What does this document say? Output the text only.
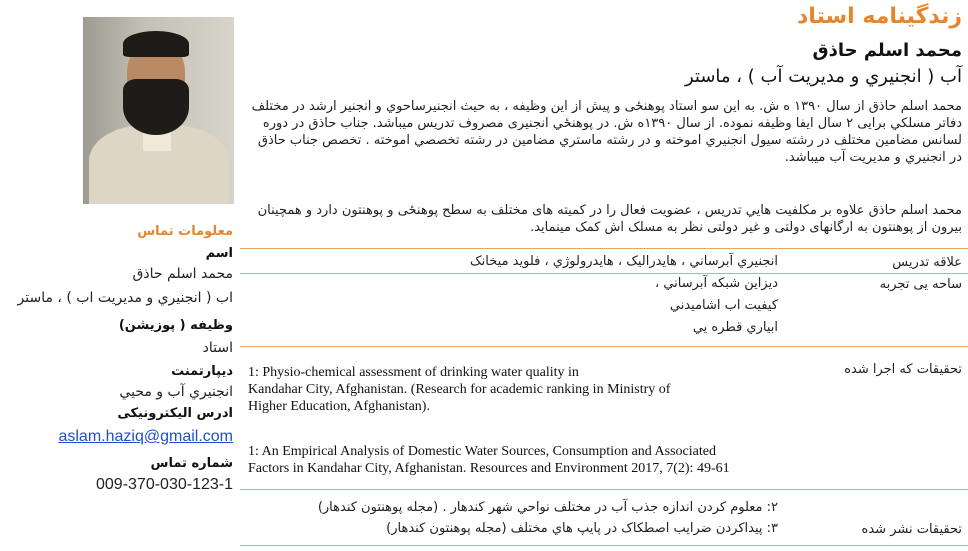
معلومات تماس
اسم
محمد اسلم حاذق
اب ( انجنيري و مديريت اب ) ، ماستر
وظیفه ( پوزیشن)
استاد
دیپارتمنت
انجنيري آب و محيي
ادرس الیکترونیکی
aslam.haziq@gmail.com
شماره تماس
009-370-030-123-1
زندگینامه استاد
محمد اسلم حاذق
آب ( انجنيري و مديريت آب ) ، ماستر
محمد اسلم حاذق از سال ۱۳۹۰ ه ش. به این سو استاد پوهنځی و پیش از این وظیفه ، به حیث انجنیرساحوي و انجنیر ارشد در مختلف دفاتر مسلکي برایی ۲ سال ایفا وظیفه نموده. از سال ۱۳۹۰ه ش. در پوهنځي انجنیری مصروف تدریس میباشد. جناب حاذق در دوره لسانس مضامین مختلف در رشته سیول انجنیري اموخته و در رشته ماستري مضامین در رشته تخصصي اموخته . تخصص جناب حاذق در انجنیري و مدیریت آب میباشد.
محمد اسلم حاذق علاوه بر مکلفیت هایي تدریس ، عضویت فعال را در کمیته های مختلف به سطح پوهنځی و پوهنتون دارد و همچینان بیرون از پوهنتون به ارگانهای دولتی و غیر دولتی نظر به مسلک اش کمک مینماید.
علاقه تدریس
انجنيري آبرساني ، هايدراليک ، هايدرولوژي ، فلويد ميخانک
ساحه یی تجربه
ديزاين شبکه آبرساني ،
کيفيت اب اشاميدني
ابياري قطره يي
تحقیقات که اجرا شده
1: Physio-chemical assessment of drinking water quality in
Kandahar City, Afghanistan. (Research for academic ranking in Ministry of
Higher Education, Afghanistan).
1: An Empirical Analysis of Domestic Water Sources, Consumption and Associated
Factors in Kandahar City, Afghanistan. Resources and Environment 2017, 7(2): 49-61
تحقیقات نشر شده
۲: معلوم کردن اندازه جذب آب در مختلف نواحي شهر کندهار . (مجله پوهنتون کندهار)
۳: پيداکردن ضرايب اصطکاک در پايپ هاي مختلف (مجله پوهنتون کندهار)
